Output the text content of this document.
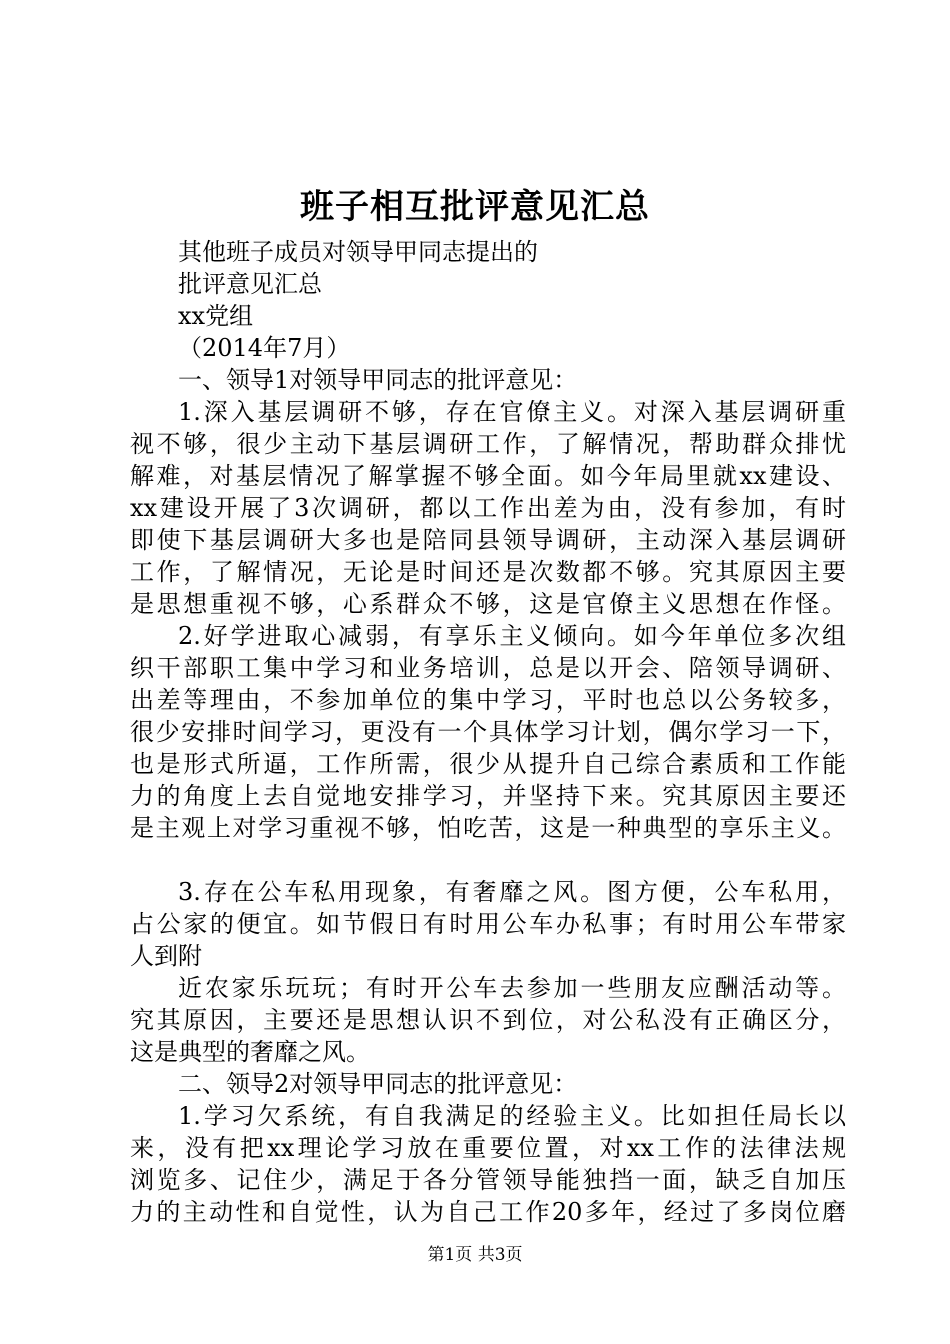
班子相互批评意见汇总
其他班子成员对领导甲同志提出的
批评意见汇总
xx党组
（2014年7月）
一、领导1对领导甲同志的批评意见：
1.深入基层调研不够，存在官僚主义。对深入基层调研重
视不够，很少主动下基层调研工作，了解情况，帮助群众排忧
解难，对基层情况了解掌握不够全面。如今年局里就xx建设、
xx建设开展了3次调研，都以工作出差为由，没有参加，有时
即使下基层调研大多也是陪同县领导调研，主动深入基层调研
工作，了解情况，无论是时间还是次数都不够。究其原因主要
是思想重视不够，心系群众不够，这是官僚主义思想在作怪。
2.好学进取心减弱，有享乐主义倾向。如今年单位多次组
织干部职工集中学习和业务培训，总是以开会、陪领导调研、
出差等理由，不参加单位的集中学习，平时也总以公务较多，
很少安排时间学习，更没有一个具体学习计划，偶尔学习一下，
也是形式所逼，工作所需，很少从提升自己综合素质和工作能
力的角度上去自觉地安排学习，并坚持下来。究其原因主要还
是主观上对学习重视不够，怕吃苦，这是一种典型的享乐主义。
3.存在公车私用现象，有奢靡之风。图方便，公车私用，
占公家的便宜。如节假日有时用公车办私事；有时用公车带家
人到附
近农家乐玩玩；有时开公车去参加一些朋友应酬活动等。
究其原因，主要还是思想认识不到位，对公私没有正确区分，
这是典型的奢靡之风。
二、领导2对领导甲同志的批评意见：
1.学习欠系统，有自我满足的经验主义。比如担任局长以
来，没有把xx理论学习放在重要位置，对xx工作的法律法规
浏览多、记住少，满足于各分管领导能独挡一面，缺乏自加压
力的主动性和自觉性，认为自己工作20多年，经过了多岗位磨
第1页 共3页
